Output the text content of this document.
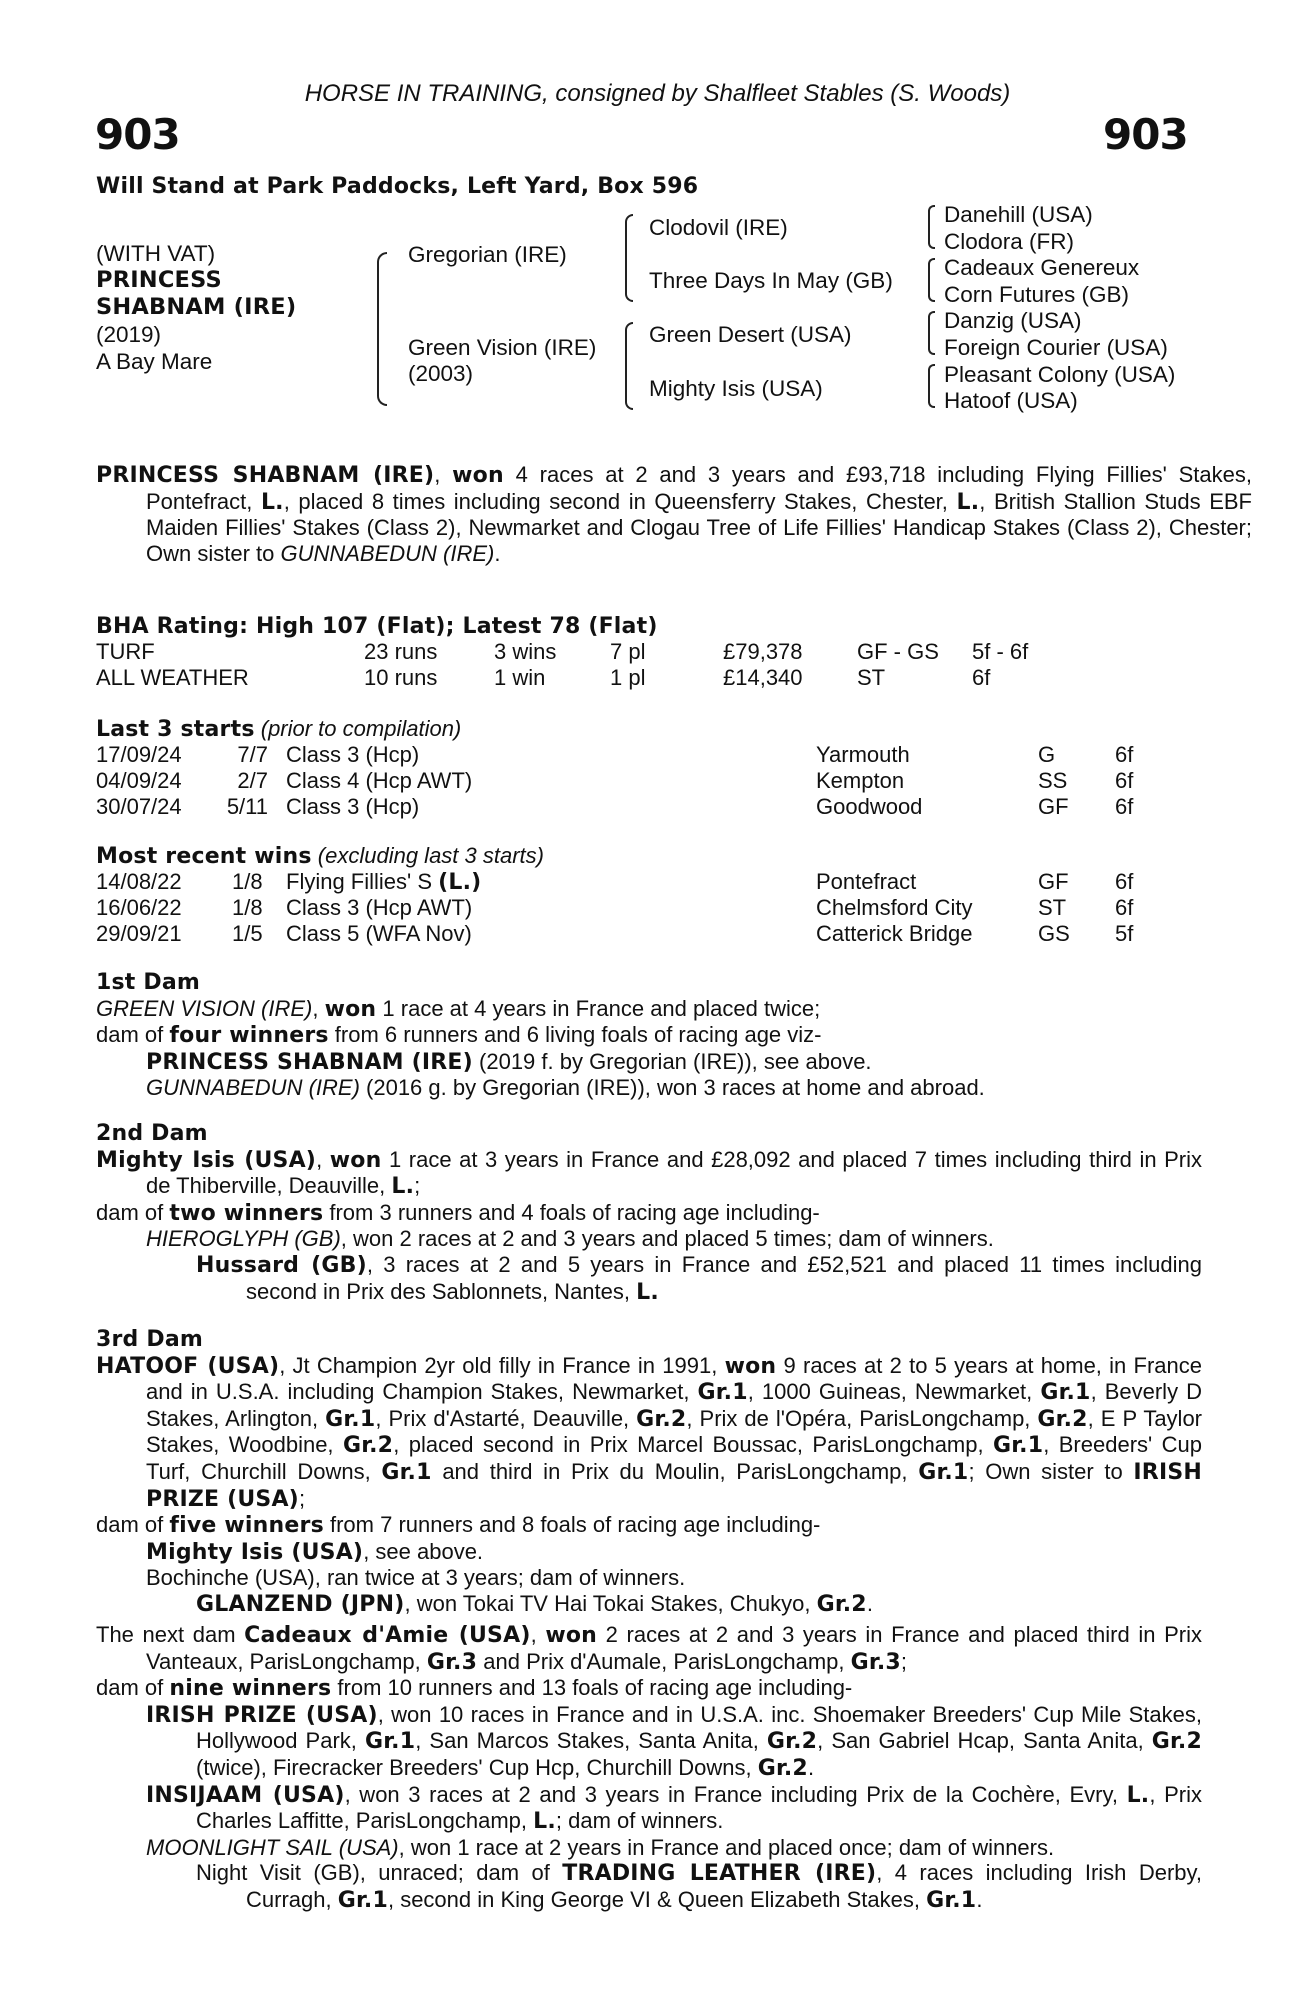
HORSE IN TRAINING, consigned by Shalfleet Stables (S. Woods)
903	903
Will Stand at Park Paddocks, Left Yard, Box 596
(WITH VAT)
PRINCESS
SHABNAM (IRE)
(2019)
A Bay Mare
Gregorian (IRE)
Green Vision (IRE)
(2003)
Clodovil (IRE)
Three Days In May (GB)
Green Desert (USA)
Mighty Isis (USA)
Danehill (USA)
Clodora (FR)
Cadeaux Genereux
Corn Futures (GB)
Danzig (USA)
Foreign Courier (USA)
Pleasant Colony (USA)
Hatoof (USA)
PRINCESS SHABNAM (IRE), won 4 races at 2 and 3 years and £93,718 including Flying Fillies' Stakes, Pontefract, L., placed 8 times including second in Queensferry Stakes, Chester, L., British Stallion Studs EBF Maiden Fillies' Stakes (Class 2), Newmarket and Clogau Tree of Life Fillies' Handicap Stakes (Class 2), Chester; Own sister to GUNNABEDUN (IRE).
BHA Rating: High 107 (Flat); Latest 78 (Flat)
TURF	23 runs	3 wins 7 pl	£79,378 GF - GS 5f - 6f
ALL WEATHER	10 runs	1 win	1 pl	£14,340 ST	6f
Last 3 starts (prior to compilation)
17/09/24	7/7 Class 3 (Hcp)	Yarmouth	G	6f
04/09/24	2/7 Class 4 (Hcp AWT)	Kempton	SS 6f
30/07/24	5/11 Class 3 (Hcp)	Goodwood	GF 6f
Most recent wins (excluding last 3 starts)
14/08/22 1/8 Flying Fillies' S (L.)	Pontefract	GF 6f
16/06/22 1/8 Class 3 (Hcp AWT)	Chelmsford City	ST 6f
29/09/21 1/5 Class 5 (WFA Nov)	Catterick Bridge	GS 5f
1st Dam
GREEN VISION (IRE), won 1 race at 4 years in France and placed twice;
dam of four winners from 6 runners and 6 living foals of racing age viz-
PRINCESS SHABNAM (IRE) (2019 f. by Gregorian (IRE)), see above.
GUNNABEDUN (IRE) (2016 g. by Gregorian (IRE)), won 3 races at home and abroad.
2nd Dam
Mighty Isis (USA), won 1 race at 3 years in France and £28,092 and placed 7 times including third in Prix de Thiberville, Deauville, L.;
dam of two winners from 3 runners and 4 foals of racing age including-
HIEROGLYPH (GB), won 2 races at 2 and 3 years and placed 5 times; dam of winners.
Hussard (GB), 3 races at 2 and 5 years in France and £52,521 and placed 11 times including second in Prix des Sablonnets, Nantes, L.
3rd Dam
HATOOF (USA), Jt Champion 2yr old filly in France in 1991, won 9 races at 2 to 5 years at home, in France and in U.S.A. including Champion Stakes, Newmarket, Gr.1, 1000 Guineas, Newmarket, Gr.1, Beverly D Stakes, Arlington, Gr.1, Prix d'Astarté, Deauville, Gr.2, Prix de l'Opéra, ParisLongchamp, Gr.2, E P Taylor Stakes, Woodbine, Gr.2, placed second in Prix Marcel Boussac, ParisLongchamp, Gr.1, Breeders' Cup Turf, Churchill Downs, Gr.1 and third in Prix du Moulin, ParisLongchamp, Gr.1; Own sister to IRISH PRIZE (USA);
dam of five winners from 7 runners and 8 foals of racing age including-
Mighty Isis (USA), see above.
Bochinche (USA), ran twice at 3 years; dam of winners.
GLANZEND (JPN), won Tokai TV Hai Tokai Stakes, Chukyo, Gr.2.
The next dam Cadeaux d'Amie (USA), won 2 races at 2 and 3 years in France and placed third in Prix Vanteaux, ParisLongchamp, Gr.3 and Prix d'Aumale, ParisLongchamp, Gr.3;
dam of nine winners from 10 runners and 13 foals of racing age including-
IRISH PRIZE (USA), won 10 races in France and in U.S.A. inc. Shoemaker Breeders' Cup Mile Stakes, Hollywood Park, Gr.1, San Marcos Stakes, Santa Anita, Gr.2, San Gabriel Hcap, Santa Anita, Gr.2 (twice), Firecracker Breeders' Cup Hcp, Churchill Downs, Gr.2.
INSIJAAM (USA), won 3 races at 2 and 3 years in France including Prix de la Cochère, Evry, L., Prix Charles Laffitte, ParisLongchamp, L.; dam of winners.
MOONLIGHT SAIL (USA), won 1 race at 2 years in France and placed once; dam of winners.
Night Visit (GB), unraced; dam of TRADING LEATHER (IRE), 4 races including Irish Derby, Curragh, Gr.1, second in King George VI & Queen Elizabeth Stakes, Gr.1.
